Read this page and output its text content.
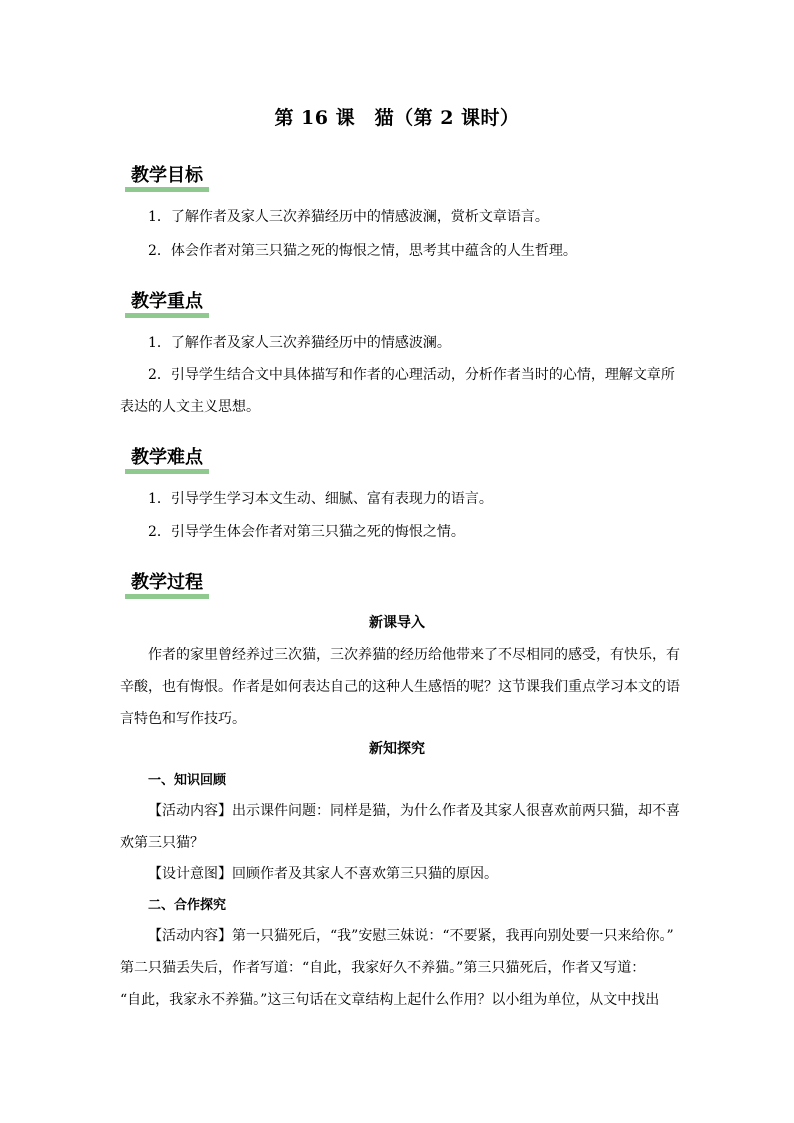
第 16 课　猫（第 2 课时）
教学目标
1．了解作者及家人三次养猫经历中的情感波澜，赏析文章语言。
2．体会作者对第三只猫之死的悔恨之情，思考其中蕴含的人生哲理。
教学重点
1．了解作者及家人三次养猫经历中的情感波澜。
2．引导学生结合文中具体描写和作者的心理活动，分析作者当时的心情，理解文章所
表达的人文主义思想。
教学难点
1．引导学生学习本文生动、细腻、富有表现力的语言。
2．引导学生体会作者对第三只猫之死的悔恨之情。
教学过程
新课导入
作者的家里曾经养过三次猫，三次养猫的经历给他带来了不尽相同的感受，有快乐，有
辛酸，也有悔恨。作者是如何表达自己的这种人生感悟的呢？这节课我们重点学习本文的语
言特色和写作技巧。
新知探究
一、知识回顾
【活动内容】出示课件问题：同样是猫，为什么作者及其家人很喜欢前两只猫，却不喜
欢第三只猫？
【设计意图】回顾作者及其家人不喜欢第三只猫的原因。
二、合作探究
【活动内容】第一只猫死后，“我”安慰三妹说：“不要紧，我再向别处要一只来给你。”
第二只猫丢失后，作者写道：“自此，我家好久不养猫。”第三只猫死后，作者又写道：
“自此，我家永不养猫。”这三句话在文章结构上起什么作用？以小组为单位，从文中找出
